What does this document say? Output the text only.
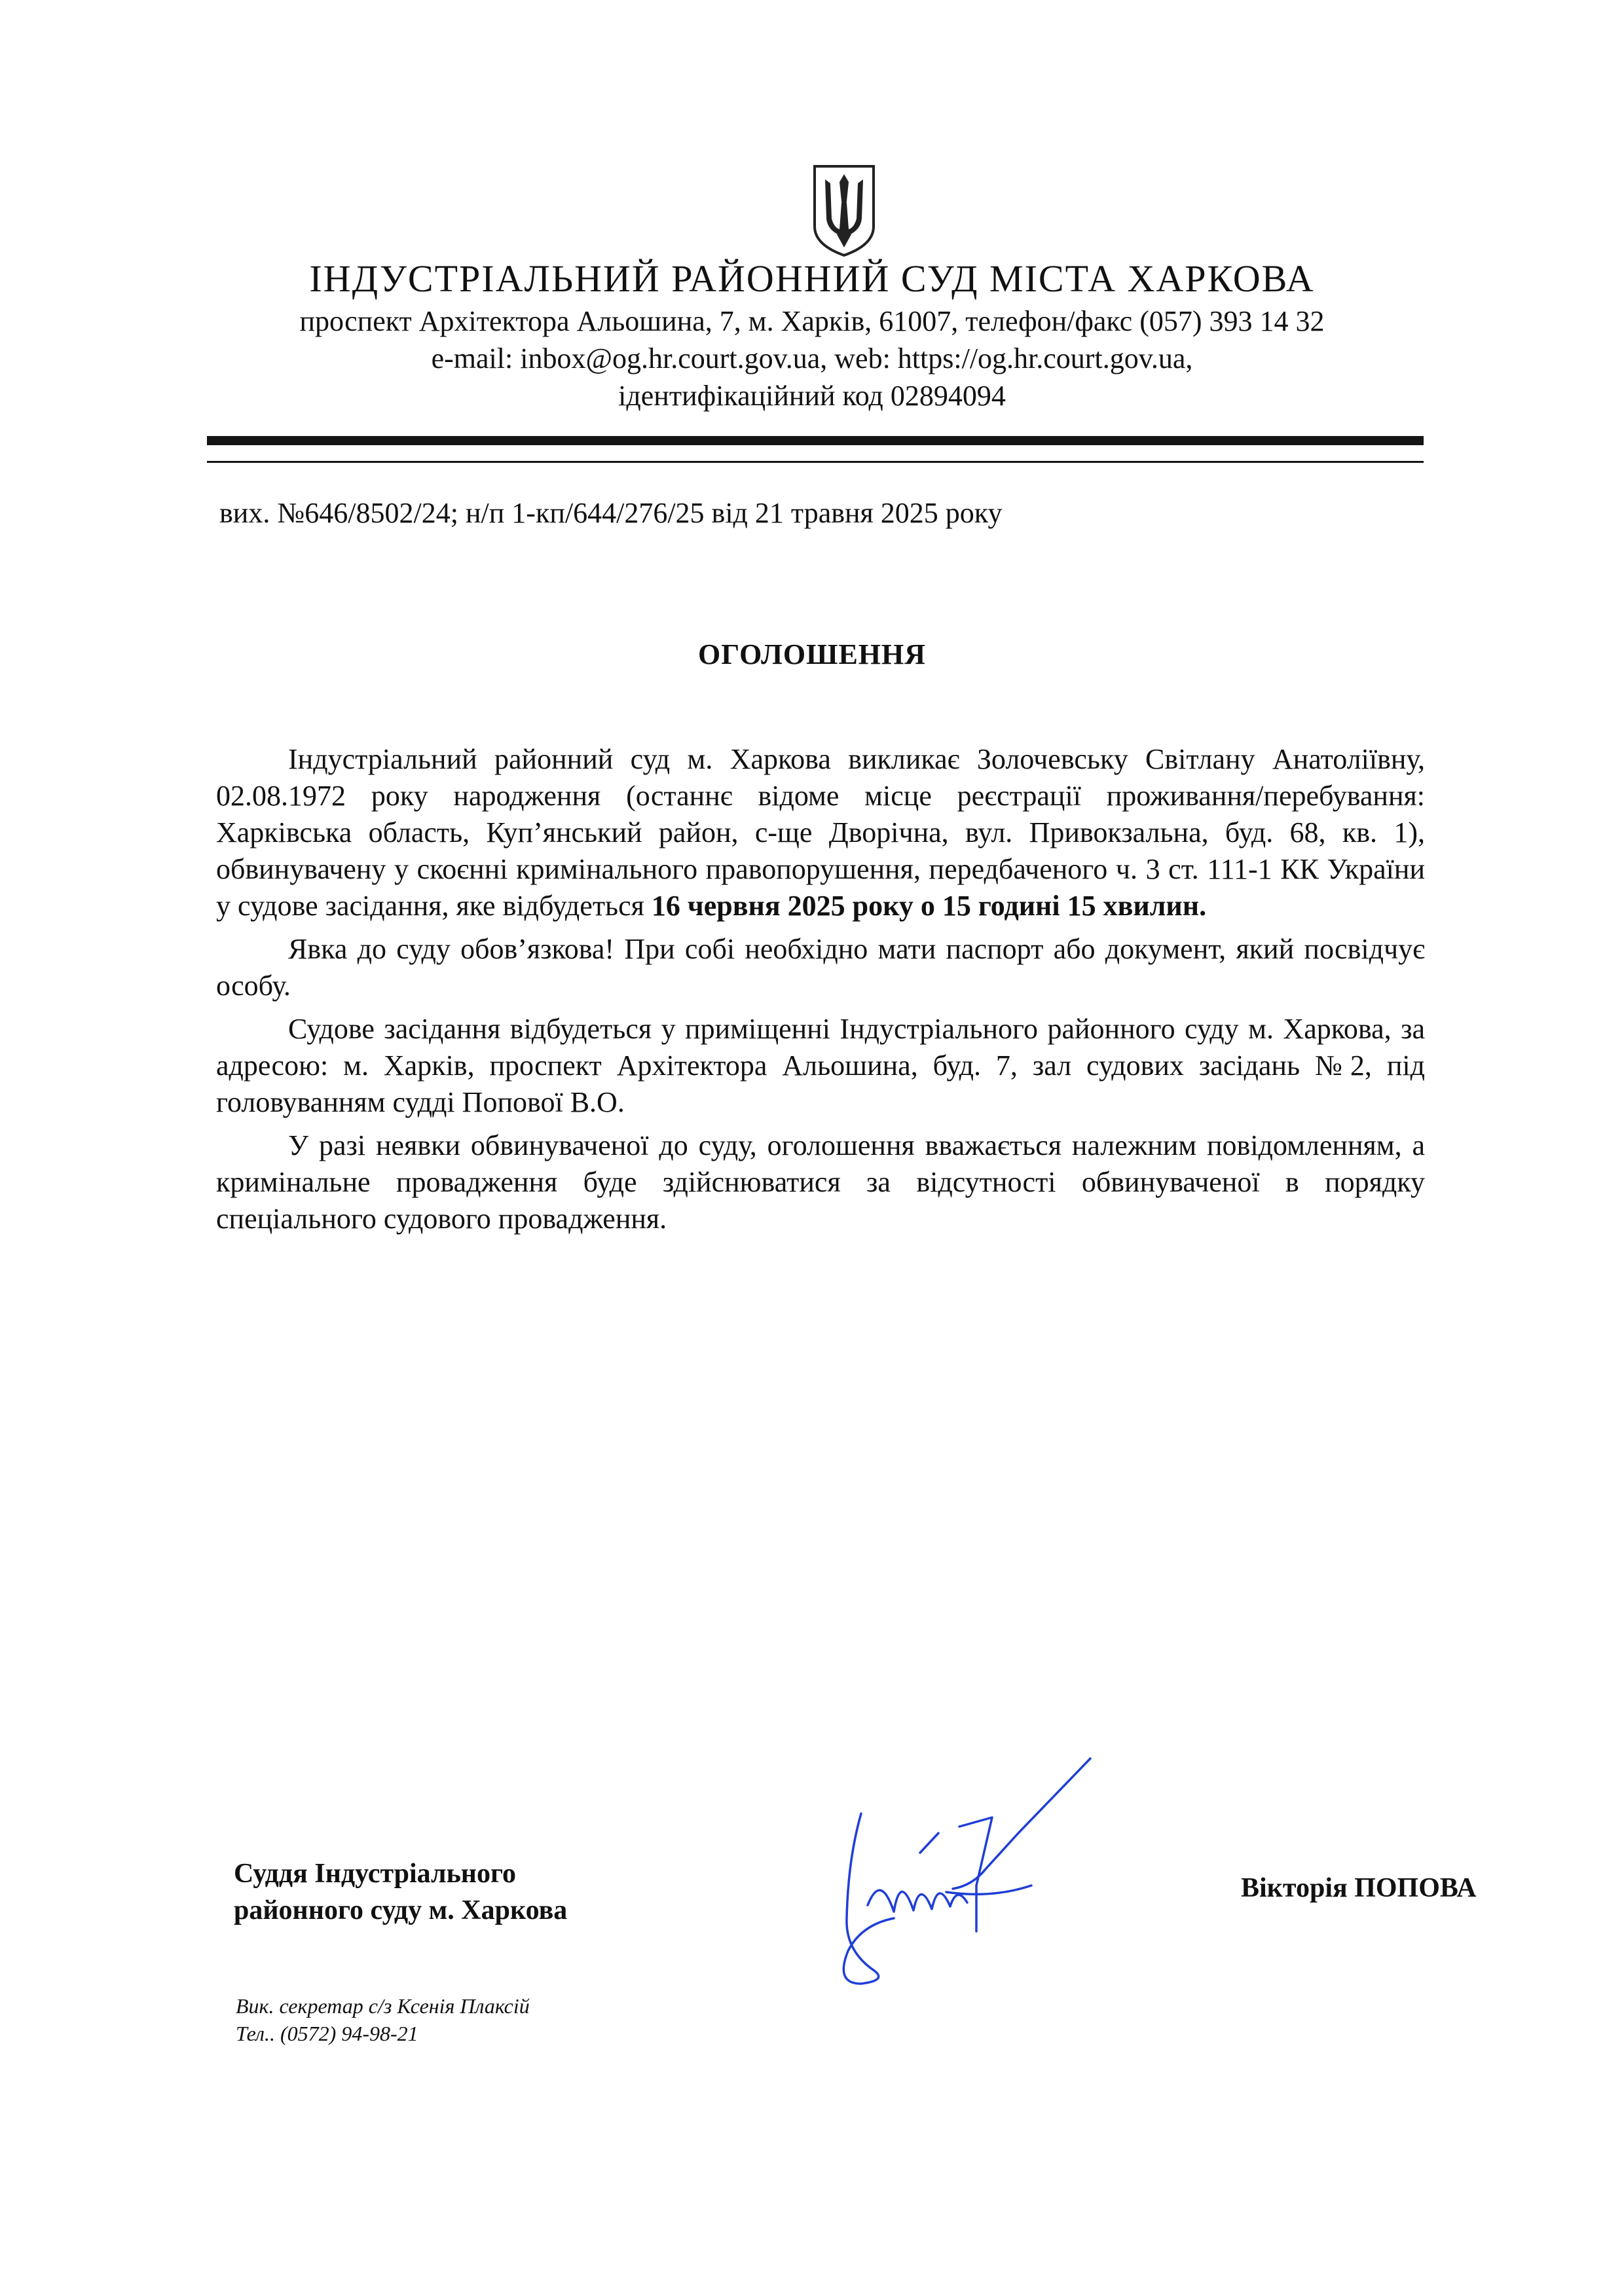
ІНДУСТРІАЛЬНИЙ РАЙОННИЙ СУД МІСТА ХАРКОВА
проспект Архітектора Альошина, 7, м. Харків, 61007, телефон/факс (057) 393 14 32
e-mail: inbox@og.hr.court.gov.ua, web: https://og.hr.court.gov.ua,
ідентифікаційний код 02894094
вих. №646/8502/24; н/п 1-кп/644/276/25 від 21 травня 2025 року
ОГОЛОШЕННЯ

Індустріальний районний суд м. Харкова викликає Золочевську Світлану Анатоліївну, 02.08.1972 року народження (останнє відоме місце реєстрації проживання/перебування: Харківська область, Куп’янський район, с-ще Дворічна, вул. Привокзальна, буд. 68, кв. 1), обвинувачену у скоєнні кримінального правопорушення, передбаченого ч. 3 ст. 111-1 КК України у судове засідання, яке відбудеться 16 червня 2025 року о 15 годині 15 хвилин.

Явка до суду обов’язкова! При собі необхідно мати паспорт або документ, який посвідчує особу.

Судове засідання відбудеться у приміщенні Індустріального районного суду м. Харкова, за адресою: м. Харків, проспект Архітектора Альошина, буд. 7, зал судових засідань №2, під головуванням судді Попової В.О.

У разі неявки обвинуваченої до суду, оголошення вважається належним повідомленням, а кримінальне провадження буде здійснюватися за відсутності обвинуваченої в порядку спеціального судового провадження.

Суддя Індустріального
районного суду м. Харкова
Вікторія ПОПОВА
Вик. секретар с/з Ксенія Плаксій
Тел.. (0572) 94-98-21
